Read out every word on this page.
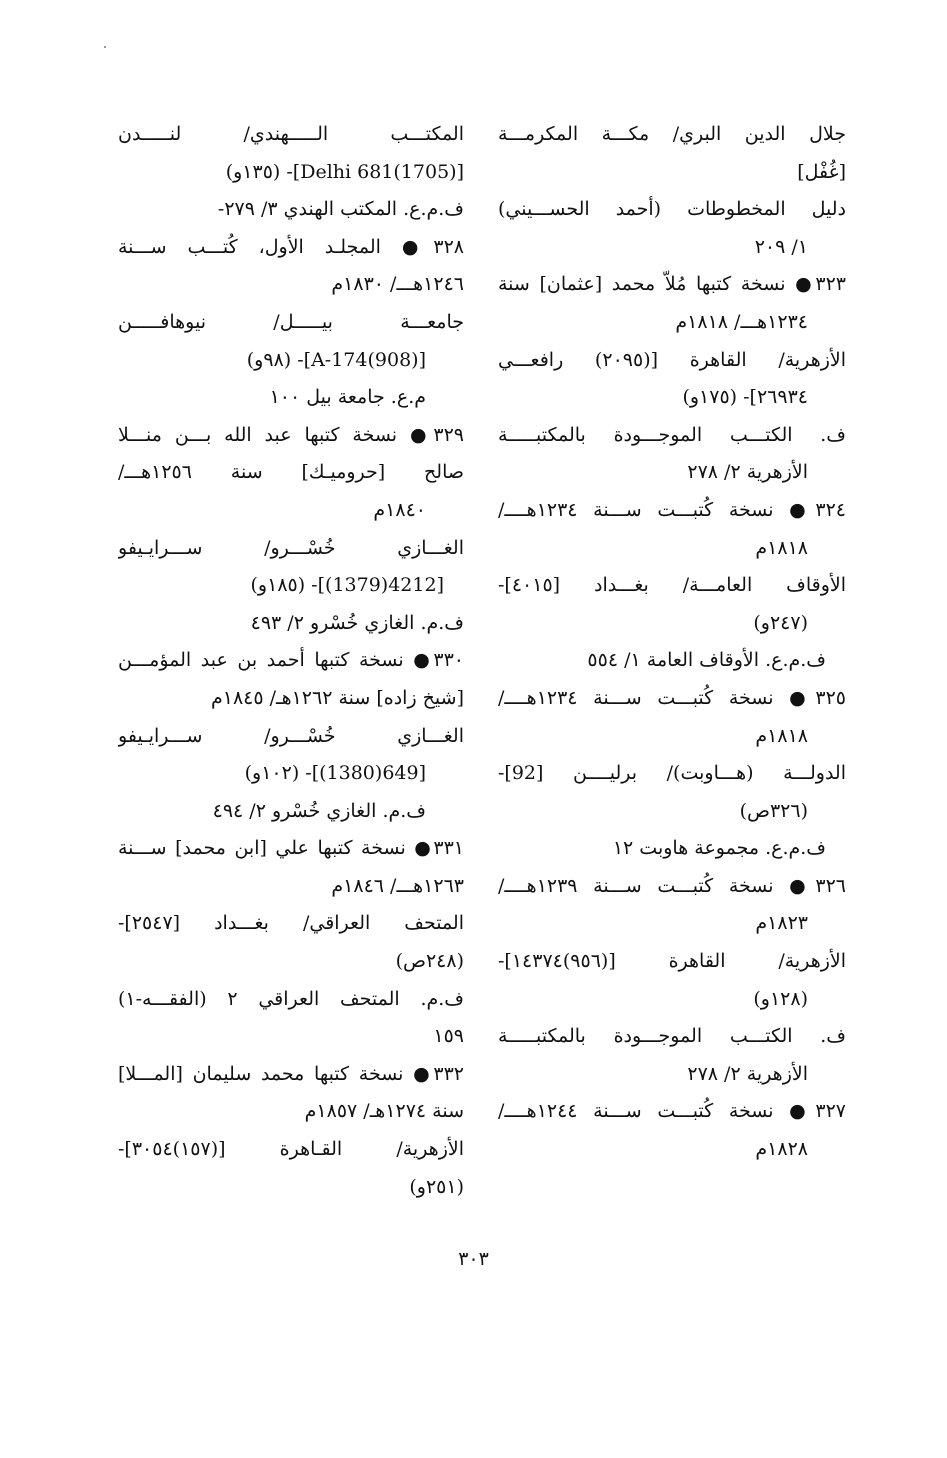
جلال الدين البري/ مكـــة المكرمـــة
[غُفْل]
دليل المخطوطات (أحمد الحســـيني)
١/ ٢٠٩
٣٢٣● نسخة كتبها مُلاّ محمد [عثمان] سنة
١٢٣٤هـــ/ ١٨١٨م
الأزهرية/ القاهرة [(٢٠٩٥) رافعـــي
٢٦٩٣٤]- (١٧٥و)
ف. الكتـــب الموجـــودة بالمكتبـــــة
الأزهرية ٢/ ٢٧٨
٣٢٤● نسخة كُتبـــت ســـنة ١٢٣٤هــــ/
١٨١٨م
الأوقاف العامـــة/ بغـــداد [٤٠١٥]-
(٢٤٧و)
ف.م.ع. الأوقاف العامة ١/ ٥٥٤
٣٢٥● نسخة كُتبـــت ســـنة ١٢٣٤هــــ/
١٨١٨م
الدولـــة (هـــاوبت)/ برليــــن [92]-
(٣٢٦ص)
ف.م.ع. مجموعة هاوبت ١٢
٣٢٦● نسخة كُتبـــت ســـنة ١٢٣٩هــــ/
١٨٢٣م
الأزهرية/ القاهرة [(٩٥٦)١٤٣٧٤]-
(١٢٨و)
ف. الكتـــب الموجـــودة بالمكتبـــــة
الأزهرية ٢/ ٢٧٨
٣٢٧● نسخة كُتبـــت ســـنة ١٢٤٤هــــ/
١٨٢٨م
المكتـــب الـــــهندي/ لنـــــدن
[Delhi 681(1705)]- (١٣٥و)
ف.م.ع. المكتب الهندي ٣/ ٢٧٩-
٣٢٨● المجلـد الأول، كُتـــب ســـنة
١٢٤٦هـــ/ ١٨٣٠م
جامعـــة بيـــــل/ نيوهافـــــن
[A-174(908)]- (٩٨و)
م.ع. جامعة بيل ١٠٠
٣٢٩● نسخة كتبها عبد الله بـــن منـــلا
صالح [حروميـك] سنة ١٢٥٦هـــ/
١٨٤٠م
الغـــازي خُسْـــرو/ ســـرايـيفو
[4212(1379)]- (١٨٥و)
ف.م. الغازي خُسْرو ٢/ ٤٩٣
٣٣٠● نسخة كتبها أحمد بن عبد المؤمـــن
[شيخ زاده] سنة ١٢٦٢هـ/ ١٨٤٥م
الغـــازي خُسْـــرو/ ســـرايـيفو
[649(1380)]- (١٠٢و)
ف.م. الغازي خُسْرو ٢/ ٤٩٤
٣٣١● نسخة كتبها علي [ابن محمد] ســـنة
١٢٦٣هـــ/ ١٨٤٦م
المتحف العراقي/ بغـــداد [٢٥٤٧]-
(٢٤٨ص)
ف.م. المتحف العراقي ٢ (الفقـــه-١)
١٥٩
٣٣٢● نسخة كتبها محمد سليمان [المـــلا]
سنة ١٢٧٤هـ/ ١٨٥٧م
الأزهرية/ القـاهرة [(١٥٧)٣٠٥٤]-
(٢٥١و)
٣٠٣
